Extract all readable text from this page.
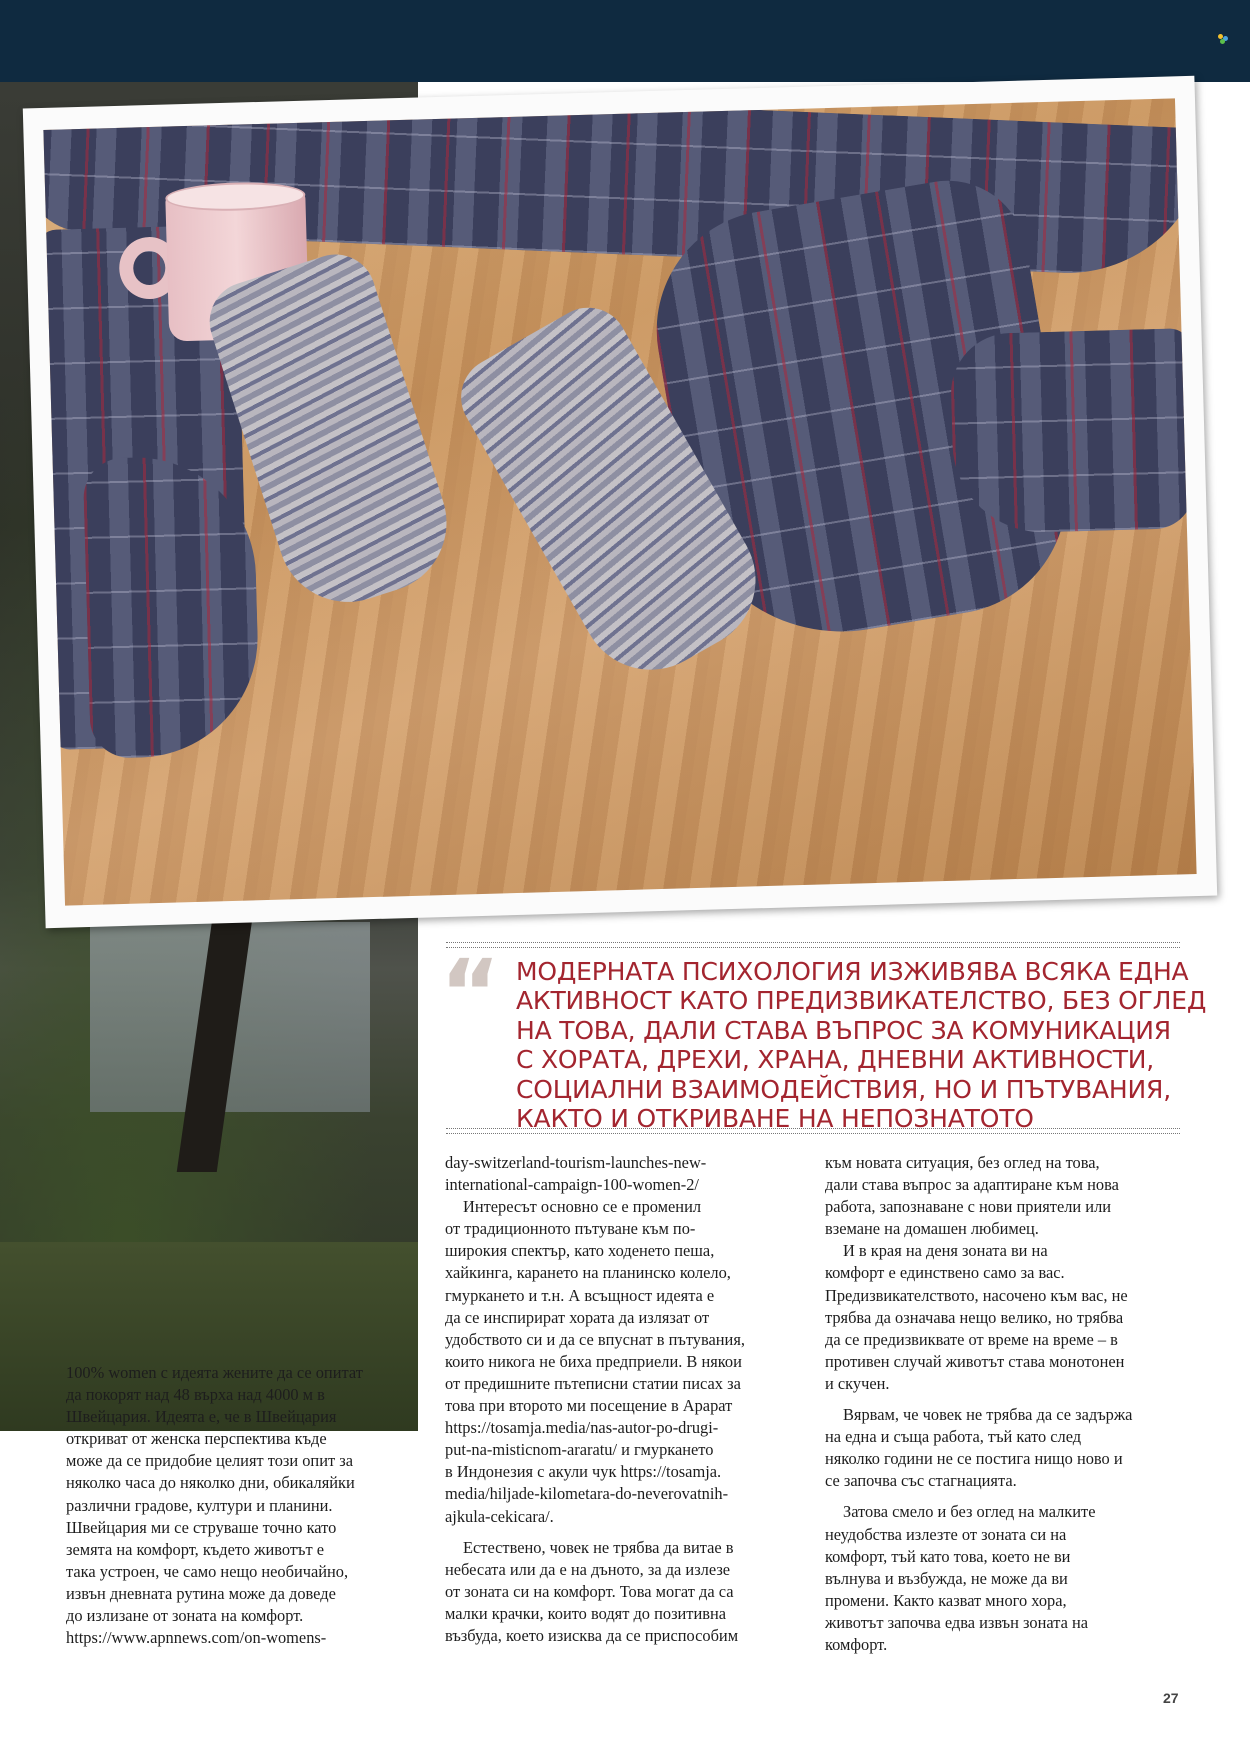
“ МОДЕРНАТА ПСИХОЛОГИЯ ИЗЖИВЯВА ВСЯКА ЕДНА
АКТИВНОСТ КАТО ПРЕДИЗВИКАТЕЛСТВО, БЕЗ ОГЛЕД
НА ТОВА, ДАЛИ СТАВА ВЪПРОС ЗА КОМУНИКАЦИЯ
С ХОРАТА, ДРЕХИ, ХРАНА, ДНЕВНИ АКТИВНОСТИ,
СОЦИАЛНИ ВЗАИМОДЕЙСТВИЯ, НО И ПЪТУВАНИЯ,
КАКТО И ОТКРИВАНЕ НА НЕПОЗНАТОТО

100% women с идеята жените да се опитат
да покорят над 48 върха над 4000 м в
Швейцария. Идеята е, че в Швейцария
откриват от женска перспектива къде
може да се придобие целият този опит за
няколко часа до няколко дни, обикаляйки
различни градове, култури и планини.
Швейцария ми се струваше точно като
земята на комфорт, където животът е
така устроен, че само нещо необичайно,
извън дневната рутина може да доведе
до излизане от зоната на комфорт.
https://www.apnnews.com/on-womens-

day-switzerland-tourism-launches-new-
international-campaign-100-women-2/

Интересът основно се е променил
от традиционното пътуване към по-
широкия спектър, като ходенето пеша,
хайкинга, карането на планинско колело,
гмуркането и т.н. А всъщност идеята е
да се инспирират хората да излязат от
удобството си и да се впуснат в пътувания,
които никога не биха предприели. В някои
от предишните пътеписни статии писах за
това при второто ми посещение в Арарат
https://tosamja.media/nas-autor-po-drugi-
put-na-misticnom-araratu/ и гмуркането
в Индонезия с акули чук https://tosamja.
media/hiljade-kilometara-do-neverovatnih-
ajkula-cekicara/.

Естествено, човек не трябва да витае в
небесата или да е на дъното, за да излезе
от зоната си на комфорт. Това могат да са
малки крачки, които водят до позитивна
възбуда, което изисква да се приспособим

към новата ситуация, без оглед на това,
дали става въпрос за адаптиране към нова
работа, запознаване с нови приятели или
вземане на домашен любимец.

И в края на деня зоната ви на
комфорт е единствено само за вас.
Предизвикателството, насочено към вас, не
трябва да означава нещо велико, но трябва
да се предизвиквате от време на време – в
противен случай животът става монотонен
и скучен.

Вярвам, че човек не трябва да се задържа
на една и съща работа, тъй като след
няколко години не се постига нищо ново и
се започва със стагнацията.

Затова смело и без оглед на малките
неудобства излезте от зоната си на
комфорт, тъй като това, което не ви
вълнува и възбужда, не може да ви
промени. Както казват много хора,
животът започва едва извън зоната на
комфорт.

27
